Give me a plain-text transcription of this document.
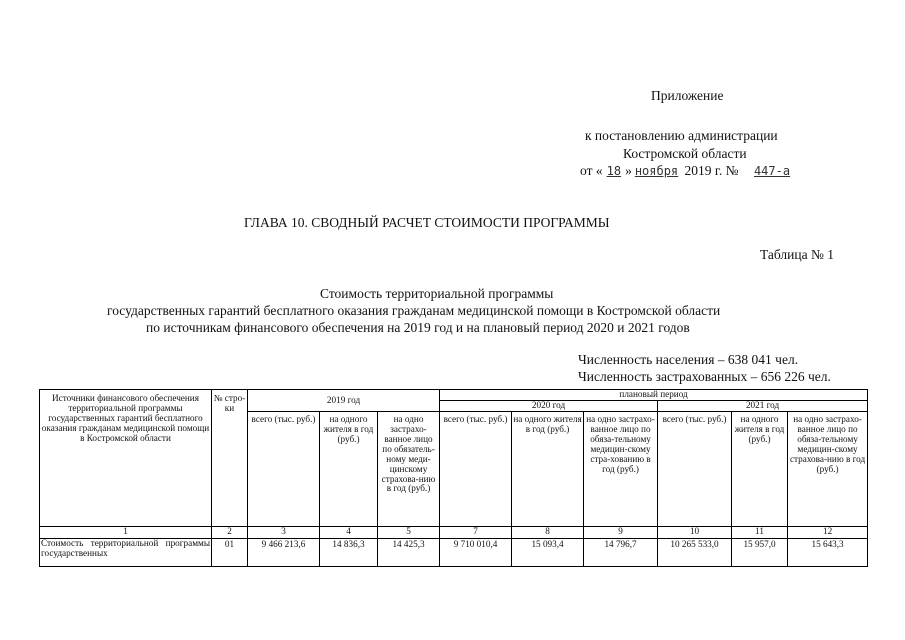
Приложение
к постановлению администрации
Костромской области
от « 18 » ноября 2019 г. № 447-а
ГЛАВА 10. СВОДНЫЙ РАСЧЕТ СТОИМОСТИ ПРОГРАММЫ
Таблица № 1
Стоимость территориальной программы
государственных гарантий бесплатного оказания гражданам медицинской помощи в Костромской области
по источникам финансового обеспечения на 2019 год и на плановый период 2020 и 2021 годов
Численность населения – 638 041 чел.
Численность застрахованных – 656 226 чел.
Источники финансового обеспечения территориальной программы государственных гарантий бесплатного оказания гражданам медицинской помощи в Костромской области	№ стро-ки	2019 год			плановый период					
					2020 год			2021 год		
		всего (тыс. руб.)	на одного жителя в год (руб.)	на одно застрахо-ванное лицо по обязатель-ному меди-цинскому страхова-нию в год (руб.)	всего (тыс. руб.)	на одного жителя в год (руб.)	на одно застрахо-ванное лицо по обяза-тельному медицин-скому стра-хованию в год (руб.)	всего (тыс. руб.)	на одного жителя в год (руб.)	на одно застрахо-ванное лицо по обяза-тельному медицин-скому страхова-нию в год (руб.)

1	2	3	4	5	7	8	9	10	11	12
Стоимость территориальной программы государственных	01	9 466 213,6	14 836,3	14 425,3	9 710 010,4	15 093,4	14 796,7	10 265 533,0	15 957,0	15 643,3
